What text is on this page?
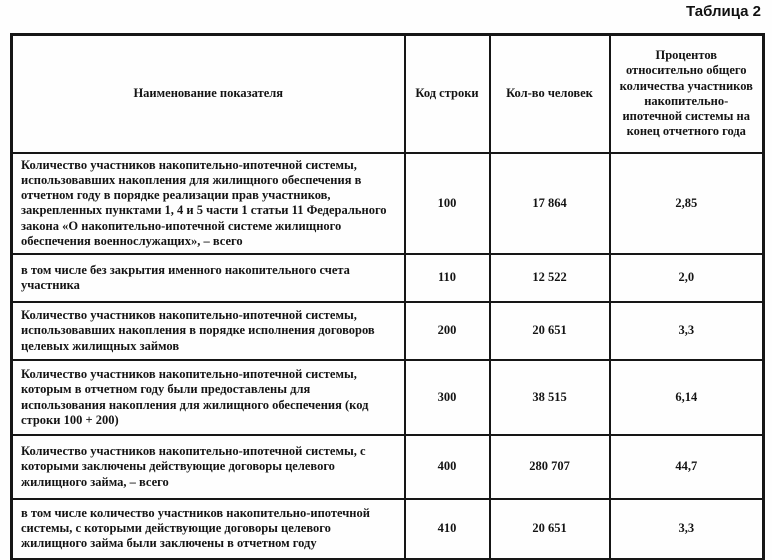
Таблица 2
Наименование показателя	Код строки	Кол-во человек	Процентов относительно общего количества участников накопительно-ипотечной системы на конец отчетного года
Количество участников накопительно-ипотечной системы, использовавших накопления для жилищного обеспечения в отчетном году в порядке реализации прав участников, закрепленных пунктами 1, 4 и 5 части 1 статьи 11 Федерального закона «О накопительно-ипотечной системе жилищного обеспечения военнослужащих», – всего	100	17 864	2,85
в том числе без закрытия именного накопительного счета участника	110	12 522	2,0
Количество участников накопительно-ипотечной системы, использовавших накопления в порядке исполнения договоров целевых жилищных займов	200	20 651	3,3
Количество участников накопительно-ипотечной системы, которым в отчетном году были предоставлены для использования накопления для жилищного обеспечения (код строки 100 + 200)	300	38 515	6,14
Количество участников накопительно-ипотечной системы, с которыми заключены действующие договоры целевого жилищного займа, – всего	400	280 707	44,7
в том числе количество участников накопительно-ипотечной системы, с которыми действующие договоры целевого жилищного займа были заключены в отчетном году	410	20 651	3,3
